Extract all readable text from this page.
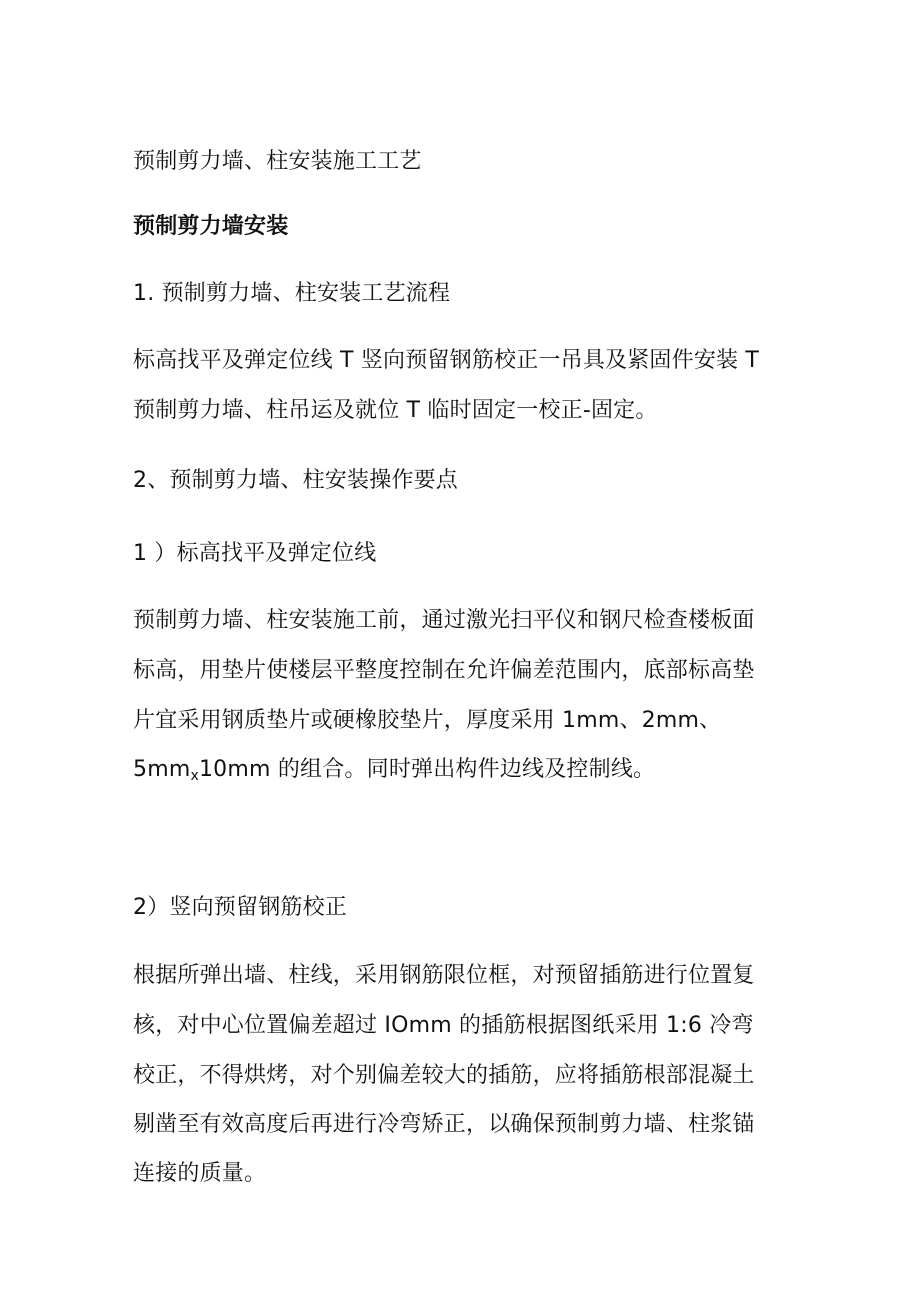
预制剪力墙、柱安装施工工艺
预制剪力墙安装
1. 预制剪力墙、柱安装工艺流程
标高找平及弹定位线 T 竖向预留钢筋校正一吊具及紧固件安装 T
预制剪力墙、柱吊运及就位 T 临时固定一校正-固定。
2、预制剪力墙、柱安装操作要点
1 ）标高找平及弹定位线
预制剪力墙、柱安装施工前，通过激光扫平仪和钢尺检查楼板面
标高，用垫片使楼层平整度控制在允许偏差范围内，底部标高垫
片宜采用钢质垫片或硬橡胶垫片，厚度采用 1mm、2mm、
$5mm_x10mm$ 的组合。同时弹出构件边线及控制线。
2）竖向预留钢筋校正
根据所弹出墙、柱线，采用钢筋限位框，对预留插筋进行位置复
核，对中心位置偏差超过 IOmm 的插筋根据图纸采用 1:6 冷弯
校正，不得烘烤，对个别偏差较大的插筋，应将插筋根部混凝土
剔凿至有效高度后再进行冷弯矫正，以确保预制剪力墙、柱浆锚
连接的质量。
